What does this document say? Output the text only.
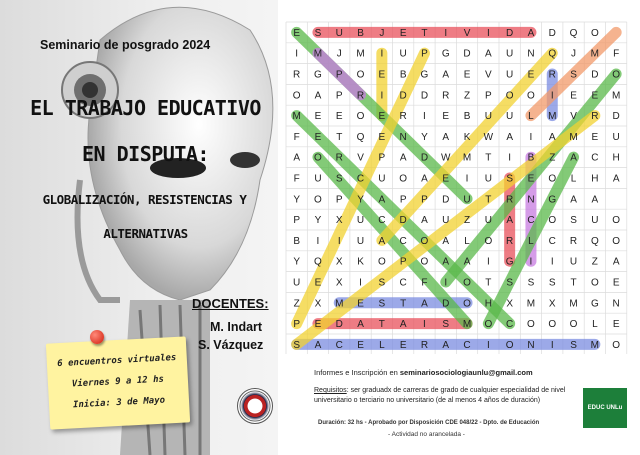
Seminario de posgrado 2024
EL TRABAJO EDUCATIVO
EN DISPUTA:
GLOBALIZACIÓN, RESISTENCIAS Y
ALTERNATIVAS
DOCENTES:
M. Indart
S. Vázquez
6 encuentros virtuales
Viernes 9 a 12 hs
Inicia: 3 de Mayo
E S U B J E T I V I D A D Q O
I M J M I U P G D A U N Q J M F
R G P O E B G A E V U E R S D O
O A P R I D D R Z P O O I E E M
M E E O E R I E B U U L M V R D
F E T Q E N Y A K W A I A M E U
A O R V P A D W M T I B Z A C H
F U S C U O A E I U S E O L H A
Y O P Y A P P D U T R N G A A
P Y X U C D A U Z U A C O S U O
B I I U A C O A L O R L C R Q O
Y Q X K O P O A A I G I I U Z A
U E X I S C F I O T S S S T O E
Z X M E S T A D O H X M X M G N
P E D A T A I S M O C O O O L E
S A C E L E R A C I O N I S M O
Informes e Inscripción en seminariosociologiaunlu@gmail.com
Requisitos: ser graduadx de carreras de grado de cualquier especialidad de nivel universitario o terciario no universitario (de al menos 4 años de duración)
Duración: 32 hs - Aprobado por Disposición CDE 048/22 - Dpto. de Educación
- Actividad no arancelada -
EDUC UNLu
